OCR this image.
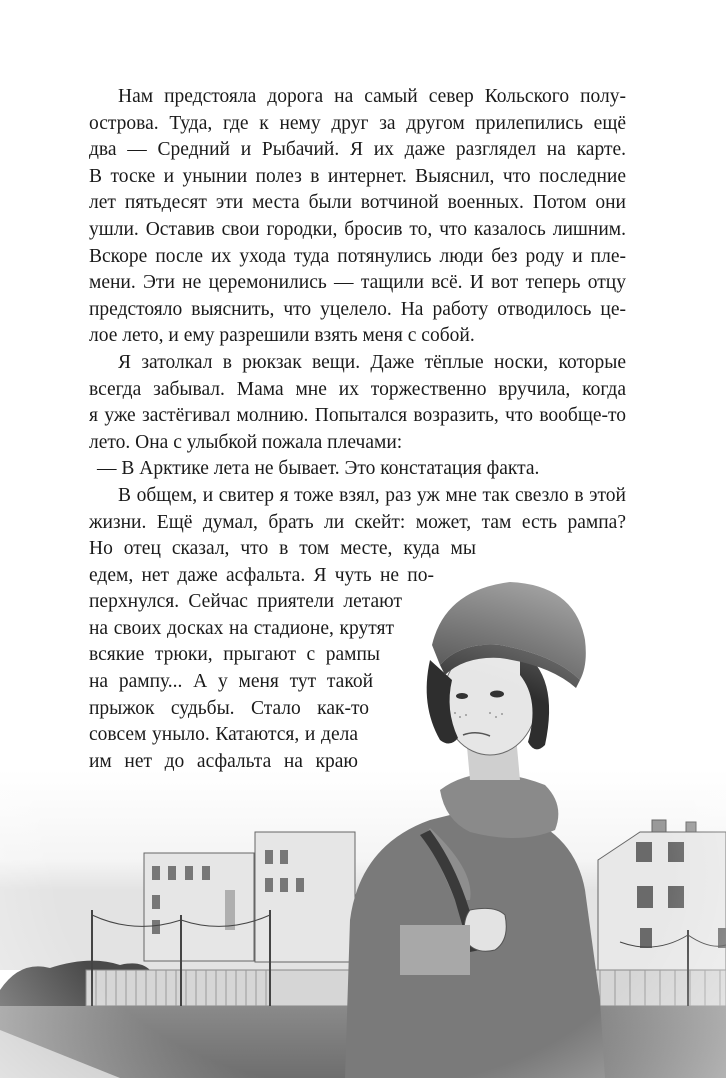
Нам предстояла дорога на самый север Кольского полу-
острова. Туда, где к нему друг за другом прилепились ещё
два — Средний и Рыбачий. Я их даже разглядел на карте.
В тоске и унынии полез в интернет. Выяснил, что последние
лет пятьдесят эти места были вотчиной военных. Потом они
ушли. Оставив свои городки, бросив то, что казалось лишним.
Вскоре после их ухода туда потянулись люди без роду и пле-
мени. Эти не церемонились — тащили всё. И вот теперь отцу
предстояло выяснить, что уцелело. На работу отводилось це-
лое лето, и ему разрешили взять меня с собой.
Я затолкал в рюкзак вещи. Даже тёплые носки, которые
всегда забывал. Мама мне их торжественно вручила, когда
я уже застёгивал молнию. Попытался возразить, что вообще-то
лето. Она с улыбкой пожала плечами:
— В Арктике лета не бывает. Это констатация факта.
В общем, и свитер я тоже взял, раз уж мне так свезло в этой
жизни. Ещё думал, брать ли скейт: может, там есть рампа?
Но отец сказал, что в том месте, куда мы
едем, нет даже асфальта. Я чуть не по-
перхнулся. Сейчас приятели летают
на своих досках на стадионе, крутят
всякие трюки, прыгают с рампы
на рампу... А у меня тут такой
прыжок судьбы. Стало как-то
совсем уныло. Катаются, и дела
им нет до асфальта на краю
